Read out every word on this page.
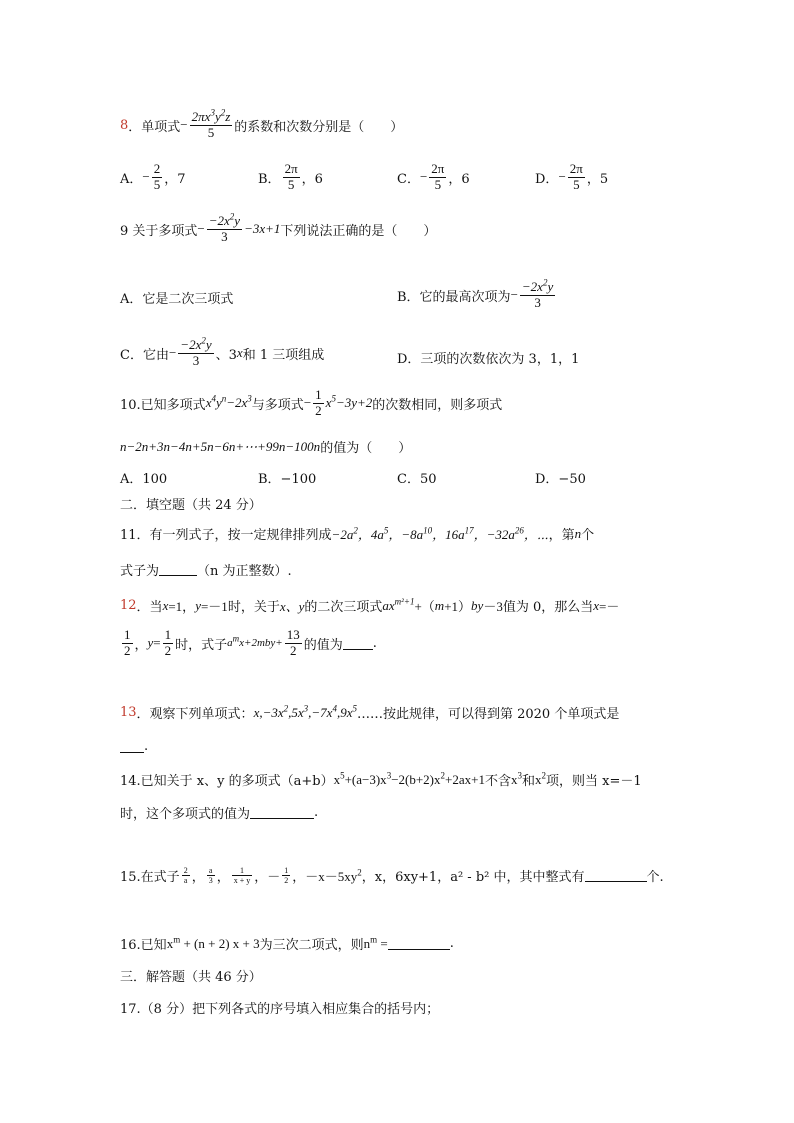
8 ．单项式 − $\frac{2\pi x^3y^2z}{5}$ 的系数和次数分别是（　　）
A． − $\frac{2}{5}$ ，7	B． $\frac{2\pi}{5}$ ，6	C． − $\frac{2\pi}{5}$ ，6	D． − $\frac{2\pi}{5}$ ，5
9 关于多项式 − $\frac{-2x^2y}{3} -3x+1$ 下列说法正确的是（　　）
A．它是二次三项式	B．它的最高次项为 − $\frac{-2x^2y}{3}$
C．它由 − $\frac{-2x^2y}{3}$ 、3 x 和 1 三项组成	D．三项的次数依次为 3，1，1
10.已知多项式 $x^4y^n -2x^3$ 与多项式 − $\frac{1}{2} x^5-3y+2$ 的次数相同，则多项式
n−2n+3n−4n+5n−6n+⋯+99n−100n 的值为（　　）
A．100	B．−100	C．50	D．−50
二．填空题（共 24 分）
11．有一列式子，按一定规律排列成 $-2a^2$，$4a^5$，$-8a^{10}$，$16a^{17}$，$-32a^{26}$，⋯ ，第 n 个
式子为	（n 为正整数）.
12 ．当 x =1， y =－1 时，关于 x、y 的二次三项式 $ax^{m^2+1}$ +（ m +1） by －3 值为 0，那么当 x =－
$\frac{1}{2}$ ， $y = \frac{1}{2}$ 时，式子 $a^mx+2mby+ \frac{13}{2}$ 的值为 .
13 ．观察下列单项式： $x,-3x^2,5x^3,-7x^4,9x^5$ ……按此规律，可以得到第 2020 个单项式是
.
14.已知关于 x、y 的多项式（a+b） $x^5+(a-3)x^3-2(b+2)x^2+2ax+1$ 不含 $x^3$ 和 $x^2$ 项，则当 x=－1
时，这个多项式的值为	.
15.在式子 $\frac{2}{a}$ ， $\frac{a}{3}$ ， $\frac{1}{x + y}$ ，－ $\frac{1}{2}$ ，$-x-5xy^2$ ，x，6xy+1，a² - b² 中，其中整式有	个.
16.已知 $x^m + (n + 2) x + 3$ 为三次二项式，则 $n^m$ =	.
三．解答题（共 46 分）
17.（8 分）把下列各式的序号填入相应集合的括号内；
